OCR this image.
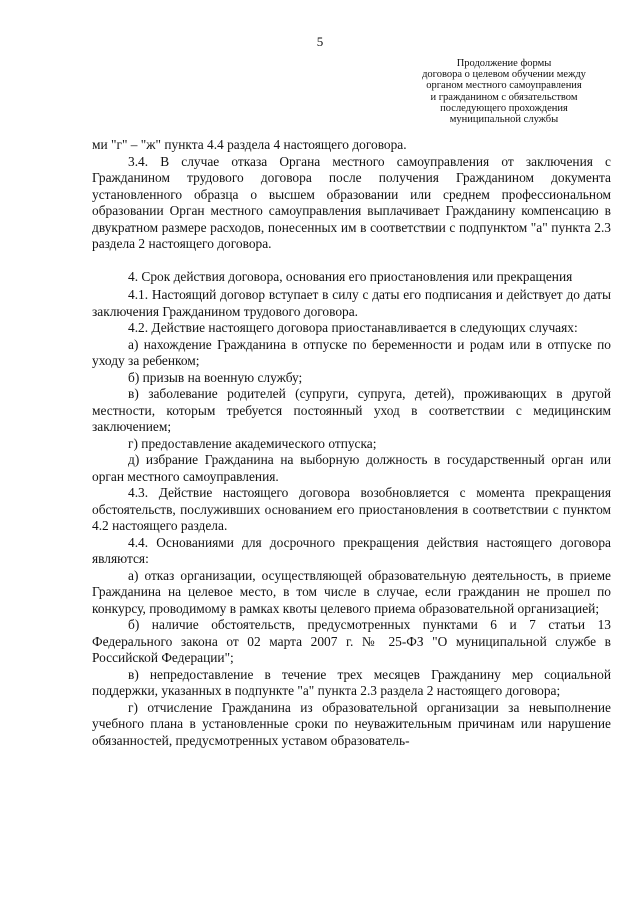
5
Продолжение формы
договора о целевом обучении между
органом местного самоуправления
и гражданином с обязательством
последующего прохождения
муниципальной службы

ми "г" – "ж" пункта 4.4 раздела 4 настоящего договора.

3.4. В случае отказа Органа местного самоуправления от заключения с Гражданином трудового договора после получения Гражданином документа установленного образца о высшем образовании или среднем профессиональном образовании Орган местного самоуправления выплачивает Гражданину компенсацию в двукратном размере расходов, понесенных им в соответствии с подпунктом "а" пункта 2.3 раздела 2 настоящего договора.

4. Срок действия договора, основания его приостановления или прекращения

4.1. Настоящий договор вступает в силу с даты его подписания и действует до даты заключения Гражданином трудового договора.

4.2. Действие настоящего договора приостанавливается в следующих случаях:

а) нахождение Гражданина в отпуске по беременности и родам или в отпуске по уходу за ребенком;

б) призыв на военную службу;

в) заболевание родителей (супруги, супруга, детей), проживающих в другой местности, которым требуется постоянный уход в соответствии с медицинским заключением;

г) предоставление академического отпуска;

д) избрание Гражданина на выборную должность в государственный орган или орган местного самоуправления.

4.3. Действие настоящего договора возобновляется с момента прекращения обстоятельств, послуживших основанием его приостановления в соответствии с пунктом 4.2 настоящего раздела.

4.4. Основаниями для досрочного прекращения действия настоящего договора являются:

а) отказ организации, осуществляющей образовательную деятельность, в приеме Гражданина на целевое место, в том числе в случае, если гражданин не прошел по конкурсу, проводимому в рамках квоты целевого приема образовательной организацией;

б) наличие обстоятельств, предусмотренных пунктами 6 и 7 статьи 13 Федерального закона от 02 марта 2007 г. № 25-ФЗ "О муниципальной службе в Российской Федерации";

в) непредоставление в течение трех месяцев Гражданину мер социальной поддержки, указанных в подпункте "а" пункта 2.3 раздела 2 настоящего договора;

г) отчисление Гражданина из образовательной организации за невыполнение учебного плана в установленные сроки по неуважительным причинам или нарушение обязанностей, предусмотренных уставом образователь-
